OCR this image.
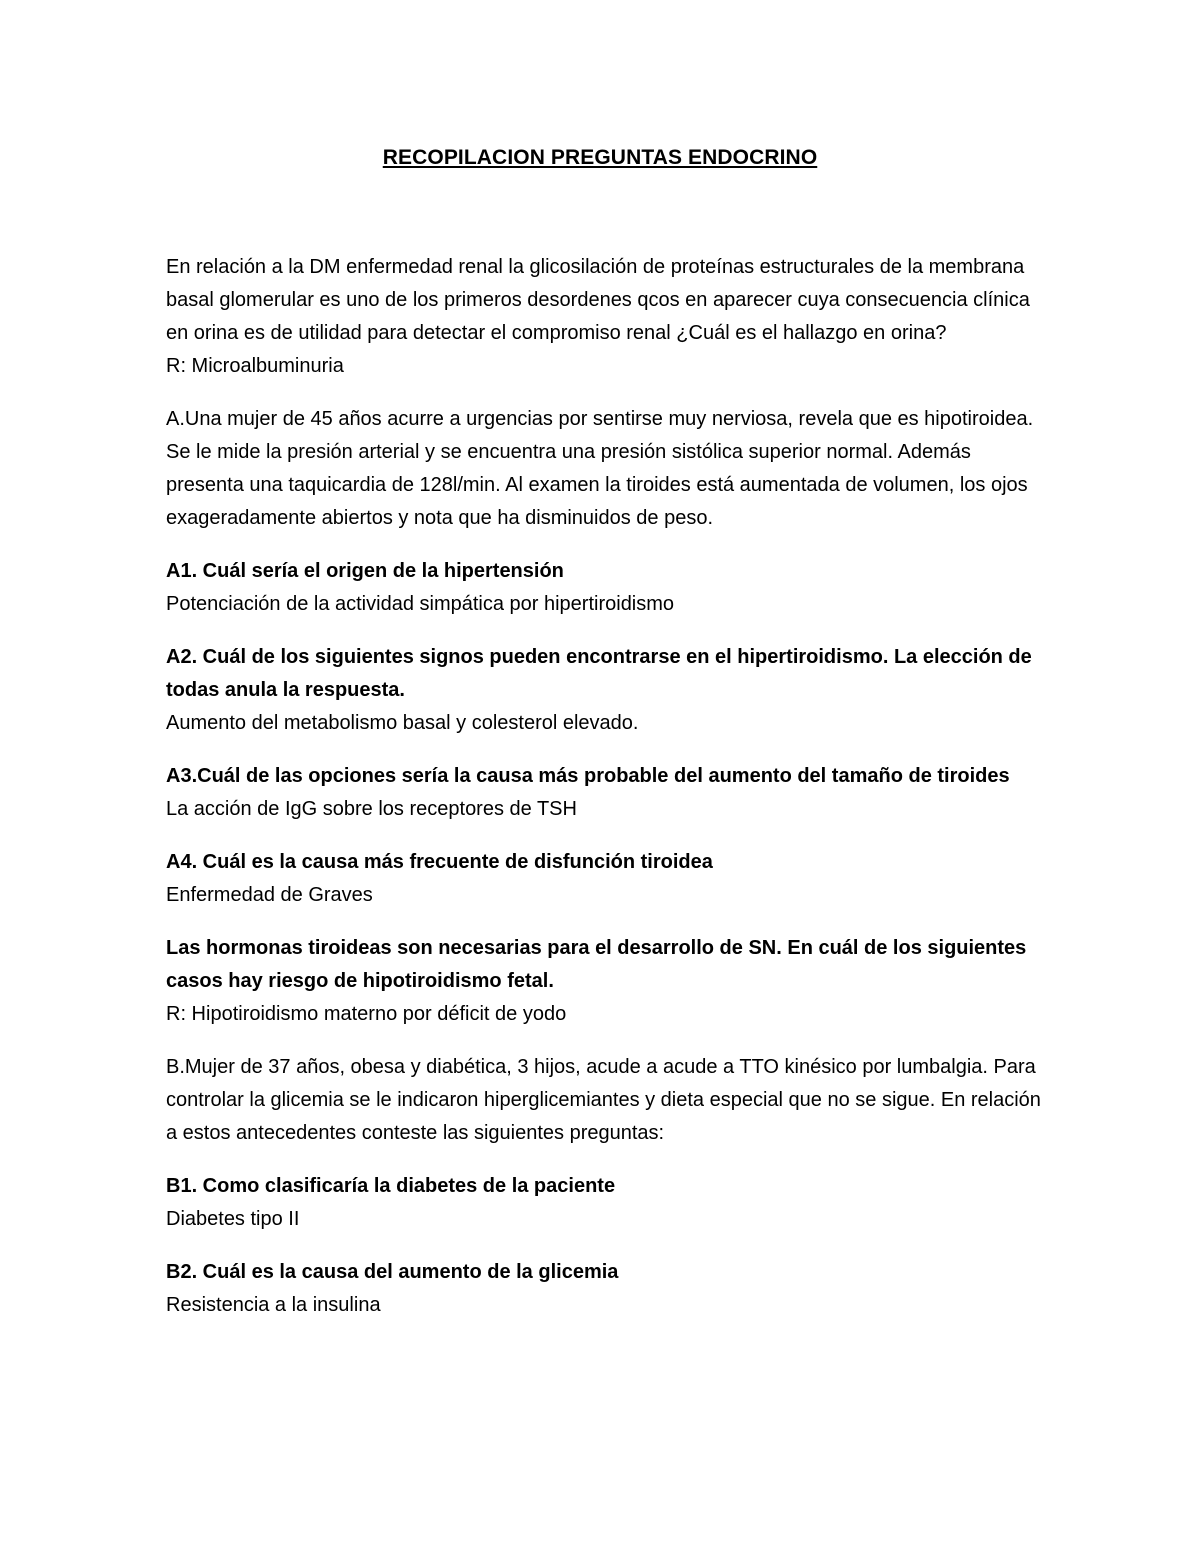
RECOPILACION PREGUNTAS ENDOCRINO

En relación a la DM enfermedad renal la glicosilación de proteínas estructurales de la membrana basal glomerular es uno de los primeros desordenes qcos en aparecer cuya consecuencia clínica en orina es de utilidad para detectar el compromiso renal ¿Cuál es el hallazgo en orina?

R: Microalbuminuria

A.Una mujer de 45 años acurre a urgencias por sentirse muy nerviosa, revela que es hipotiroidea. Se le mide la presión arterial y se encuentra una presión sistólica superior normal. Además presenta una taquicardia de 128l/min. Al examen la tiroides está aumentada de volumen, los ojos exageradamente abiertos y nota que ha disminuidos de peso.

A1. Cuál sería el origen de la hipertensión

Potenciación de la actividad simpática por hipertiroidismo

A2. Cuál de los siguientes signos pueden encontrarse en el hipertiroidismo. La elección de todas anula la respuesta.

Aumento del metabolismo basal y colesterol elevado.

A3.Cuál de las opciones sería la causa más probable del aumento del tamaño de tiroides

La acción de IgG sobre los receptores de TSH

A4. Cuál es la causa más frecuente de disfunción tiroidea

Enfermedad de Graves

Las hormonas tiroideas son necesarias para el desarrollo de SN. En cuál de los siguientes casos hay riesgo de hipotiroidismo fetal.

R: Hipotiroidismo materno por déficit de yodo

B.Mujer de 37 años, obesa y diabética, 3 hijos, acude a acude a TTO kinésico por lumbalgia. Para controlar la glicemia se le indicaron hiperglicemiantes y dieta especial que no se sigue. En relación a estos antecedentes conteste las siguientes preguntas:

B1. Como clasificaría la diabetes de la paciente

Diabetes tipo II

B2. Cuál es la causa del aumento de la glicemia

Resistencia a la insulina
